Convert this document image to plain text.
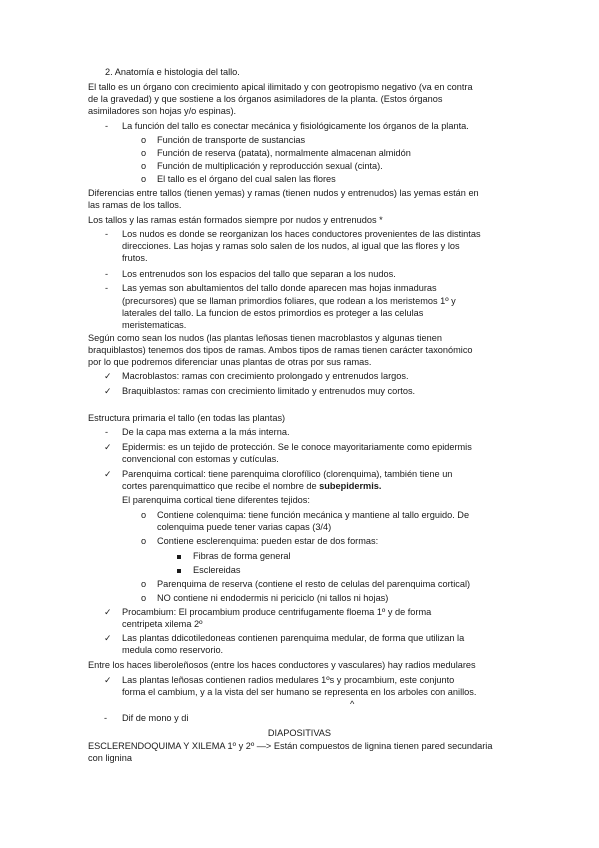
2. Anatomía e histologia del tallo.
El tallo es un órgano con crecimiento apical ilimitado y con geotropismo negativo (va en contra
de la gravedad) y que sostiene a los órganos asimiladores de la planta. (Estos órganos
asimiladores son hojas y/o espinas).
La función del tallo es conectar mecánica y fisiológicamente los órganos de la planta.
Función de transporte de sustancias
Función de reserva (patata), normalmente almacenan almidón
Función de multiplicación y reproducción sexual (cinta).
El tallo es el órgano del cual salen las flores
Diferencias entre tallos (tienen yemas) y ramas (tienen nudos y entrenudos) las yemas están en
las ramas de los tallos.
Los tallos y las ramas están formados siempre por nudos y entrenudos *
Los nudos es donde se reorganizan los haces conductores provenientes de las distintas
direcciones. Las hojas y ramas solo salen de los nudos, al igual que las flores y los
frutos.
Los entrenudos son los espacios del tallo que separan a los nudos.
Las yemas son abultamientos del tallo donde aparecen mas hojas inmaduras
(precursores) que se llaman primordios foliares, que rodean a los meristemos 1º y
laterales del tallo. La funcion de estos primordios es proteger a las celulas
meristematicas.
Según como sean los nudos (las plantas leñosas tienen macroblastos y algunas tienen
braquiblastos) tenemos dos tipos de ramas. Ambos tipos de ramas tienen carácter taxonómico
por lo que podremos diferenciar unas plantas de otras por sus ramas.
Macroblastos: ramas con crecimiento prolongado y entrenudos largos.
Braquiblastos: ramas con crecimiento limitado y entrenudos muy cortos.
Estructura primaria el tallo (en todas las plantas)
De la capa mas externa a la más interna.
Epidermis: es un tejido de protección. Se le conoce mayoritariamente como epidermis
convencional con estomas y cutículas.
Parenquima cortical: tiene parenquima clorofílico (clorenquima), también tiene un
cortes parenquimattico que recibe el nombre de subepidermis.
El parenquima cortical tiene diferentes tejidos:
Contiene colenquima: tiene función mecánica y mantiene al tallo erguido. De
colenquima puede tener varias capas (3/4)
Contiene esclerenquima: pueden estar de dos formas:
Fibras de forma general
Esclereidas
Parenquima de reserva (contiene el resto de celulas del parenquima cortical)
NO contiene ni endodermis ni periciclo (ni tallos ni hojas)
Procambium: El procambium produce centrifugamente floema 1º y de forma
centripeta xilema 2º
Las plantas ddicotiledoneas contienen parenquima medular, de forma que utilizan la
medula como reservorio.
Entre los haces liberoleñosos (entre los haces conductores y vasculares) hay radios medulares
Las plantas leñosas contienen radios medulares 1ºs y procambium, este conjunto
forma el cambium, y a la vista del ser humano se representa en los arboles con anillos.
^
Dif de mono y di
DIAPOSITIVAS
ESCLERENDOQUIMA Y XILEMA 1º y 2º —> Están compuestos de lignina tienen pared secundaria
con lignina
-
o
o
o
o
-
-
-
✓
✓
-
✓
✓
o
o
o
o
✓
✓
✓
-
